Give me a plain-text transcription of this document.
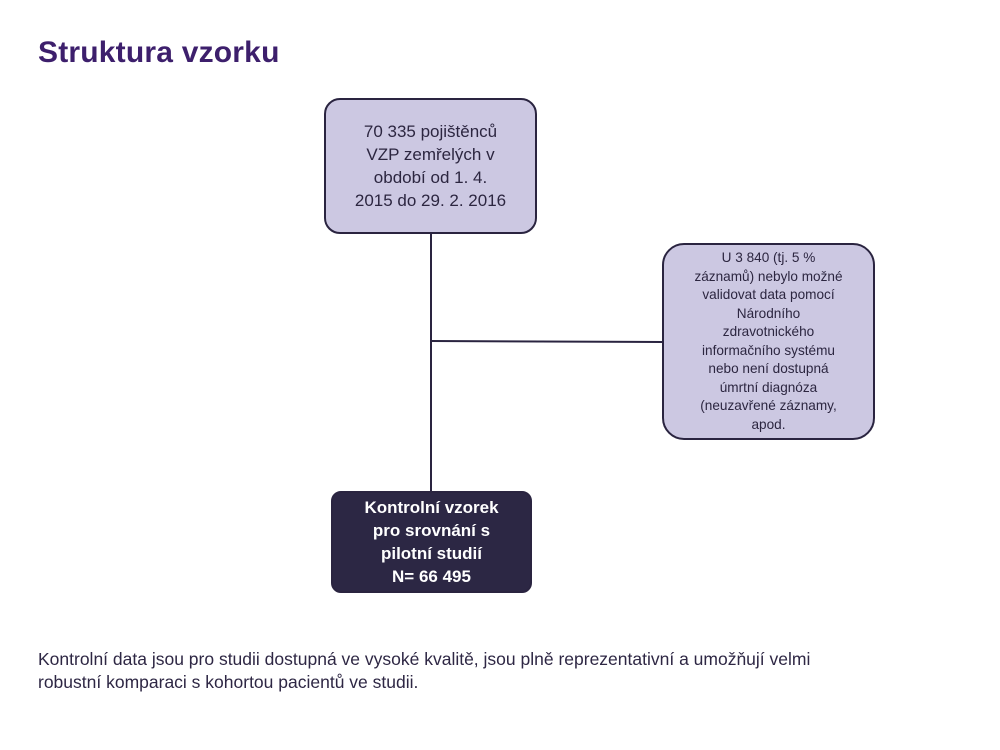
Struktura vzorku
70 335 pojištěnců
VZP zemřelých v
období od 1. 4.
2015 do 29. 2. 2016
U 3 840 (tj. 5 %
záznamů) nebylo možné
validovat data pomocí
Národního
zdravotnického
informačního systému
nebo není dostupná
úmrtní diagnóza
(neuzavřené záznamy,
apod.
Kontrolní vzorek
pro srovnání s
pilotní studií
N= 66 495
Kontrolní data jsou pro studii dostupná ve vysoké kvalitě, jsou plně reprezentativní a umožňují velmi
robustní komparaci s kohortou pacientů ve studii.
